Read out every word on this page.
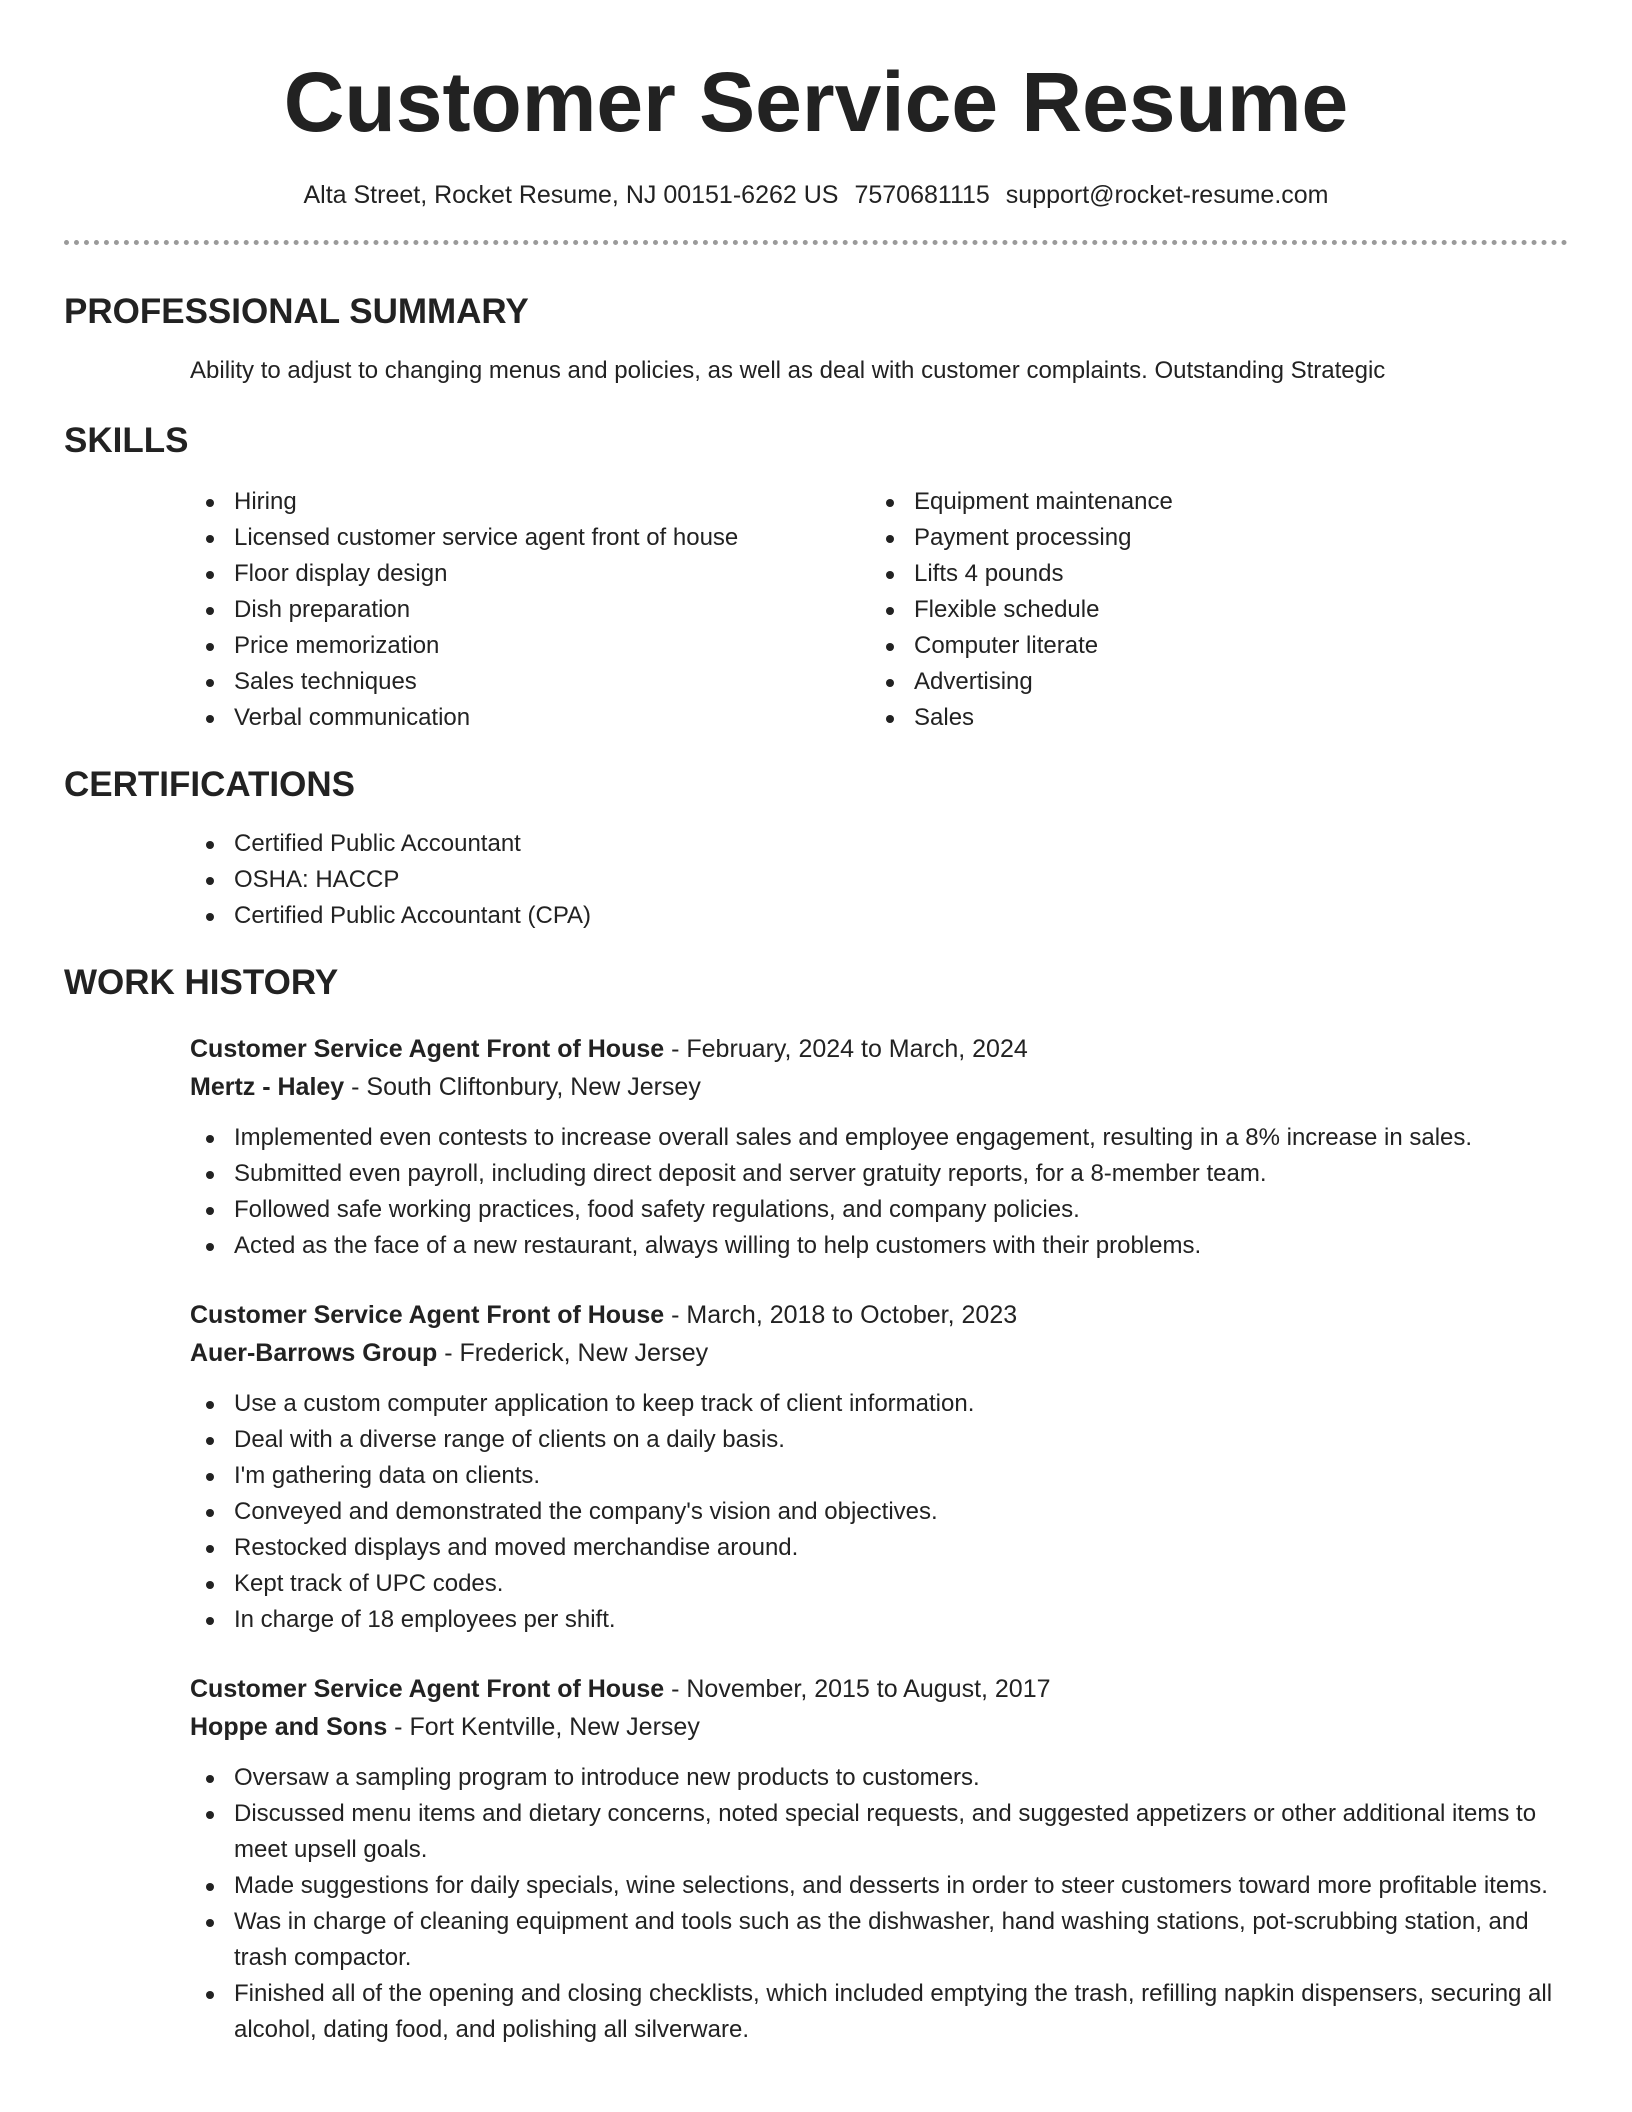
Customer Service Resume
Alta Street, Rocket Resume, NJ 00151-6262 US 7570681115 support@rocket-resume.com
PROFESSIONAL SUMMARY

Ability to adjust to changing menus and policies, as well as deal with customer complaints. Outstanding Strategic

SKILLS
Hiring
Licensed customer service agent front of house
Floor display design
Dish preparation
Price memorization
Sales techniques
Verbal communication
Equipment maintenance
Payment processing
Lifts 4 pounds
Flexible schedule
Computer literate
Advertising
Sales
CERTIFICATIONS
Certified Public Accountant
OSHA: HACCP
Certified Public Accountant (CPA)
WORK HISTORY
Customer Service Agent Front of House - February, 2024 to March, 2024
Mertz - Haley - South Cliftonbury, New Jersey
Implemented even contests to increase overall sales and employee engagement, resulting in a 8% increase in sales.
Submitted even payroll, including direct deposit and server gratuity reports, for a 8-member team.
Followed safe working practices, food safety regulations, and company policies.
Acted as the face of a new restaurant, always willing to help customers with their problems.
Customer Service Agent Front of House - March, 2018 to October, 2023
Auer-Barrows Group - Frederick, New Jersey
Use a custom computer application to keep track of client information.
Deal with a diverse range of clients on a daily basis.
I'm gathering data on clients.
Conveyed and demonstrated the company's vision and objectives.
Restocked displays and moved merchandise around.
Kept track of UPC codes.
In charge of 18 employees per shift.
Customer Service Agent Front of House - November, 2015 to August, 2017
Hoppe and Sons - Fort Kentville, New Jersey
Oversaw a sampling program to introduce new products to customers.
Discussed menu items and dietary concerns, noted special requests, and suggested appetizers or other additional items to meet upsell goals.
Made suggestions for daily specials, wine selections, and desserts in order to steer customers toward more profitable items.
Was in charge of cleaning equipment and tools such as the dishwasher, hand washing stations, pot-scrubbing station, and trash compactor.
Finished all of the opening and closing checklists, which included emptying the trash, refilling napkin dispensers, securing all alcohol, dating food, and polishing all silverware.
